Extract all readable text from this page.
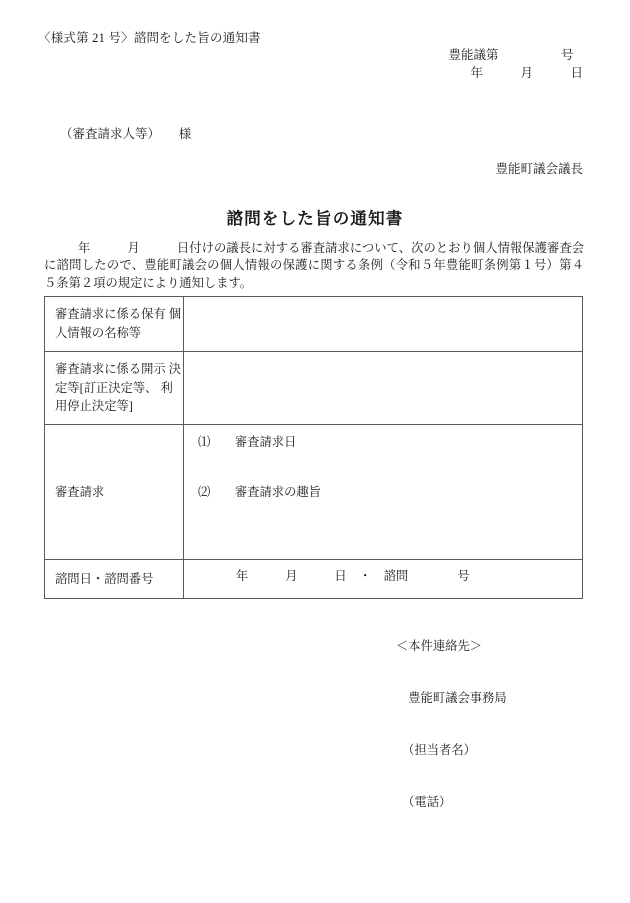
〈様式第 21 号〉諮問をした旨の通知書
豊能議第　　　　　号
年　　　月　　　日
（審査請求人等）　　様
豊能町議会議長
諮問をした旨の通知書
年　　　月　　　日付けの議長に対する審査請求について、次のとおり個人情報保護審査会に諮問したので、豊能町議会の個人情報の保護に関する条例（令和５年豊能町条例第１号）第４５条第２項の規定により通知します。
審査請求に係る保有 個人情報の名称等	
審査請求に係る開示 決定等[訂正決定等、 利用停止決定等]	
審査請求	⑴　　審査請求日
⑵　　審査請求の趣旨

諮問日・諮問番号	年　　　月　　　日　・　諮問　　　　号

＜本件連絡先＞

　豊能町議会事務局

　（担当者名）

　（電話）
